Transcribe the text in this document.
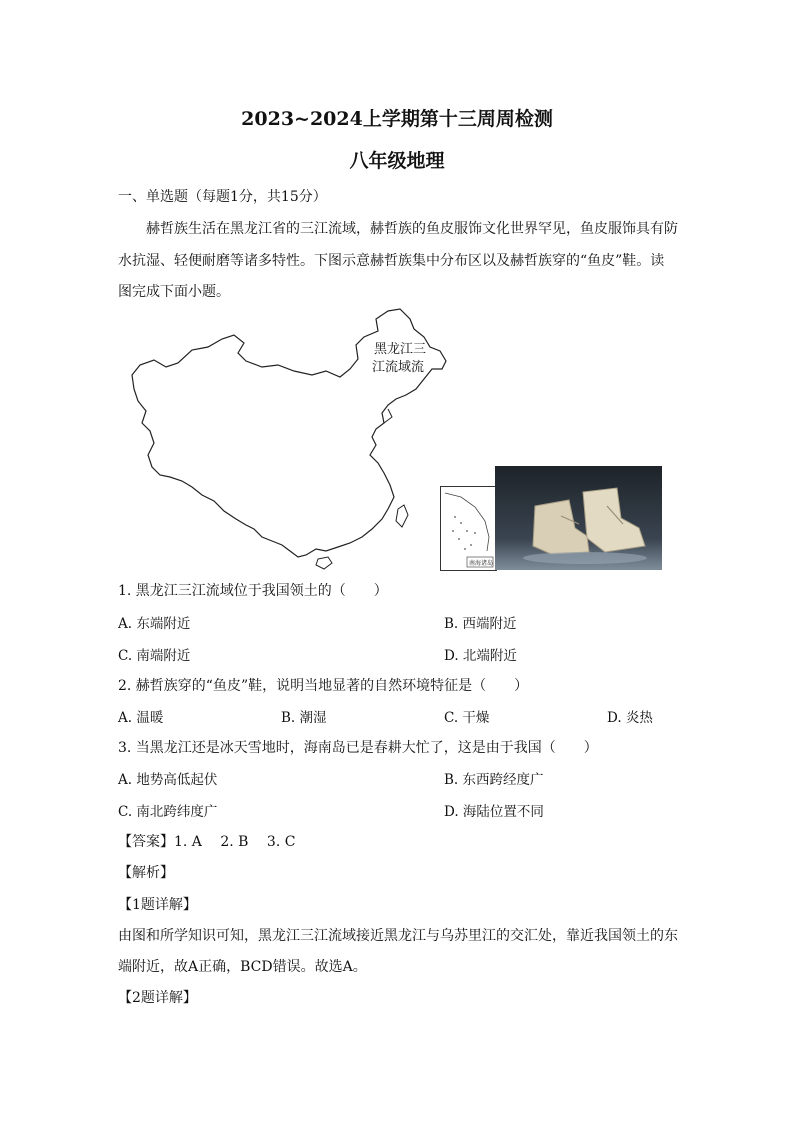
2023~2024上学期第十三周周检测
八年级地理
一、单选题（每题1分，共15分）
赫哲族生活在黑龙江省的三江流域，赫哲族的鱼皮服饰文化世界罕见，鱼皮服饰具有防
水抗湿、轻便耐磨等诸多特性。下图示意赫哲族集中分布区以及赫哲族穿的“鱼皮”鞋。读
图完成下面小题。
黑龙江三
江流域流
南海诸岛
1. 黑龙江三江流域位于我国领土的（　　）
A. 东端附近	B. 西端附近
C. 南端附近	D. 北端附近
2. 赫哲族穿的“鱼皮”鞋，说明当地显著的自然环境特征是（　　）
A. 温暖	B. 潮湿	C. 干燥	D. 炎热
3. 当黑龙江还是冰天雪地时，海南岛已是春耕大忙了，这是由于我国（　　）
A. 地势高低起伏	B. 东西跨经度广
C. 南北跨纬度广	D. 海陆位置不同
【答案】1. A　 2. B　 3. C
【解析】
【1题详解】
由图和所学知识可知，黑龙江三江流域接近黑龙江与乌苏里江的交汇处，靠近我国领土的东
端附近，故A正确，BCD错误。故选A。
【2题详解】
